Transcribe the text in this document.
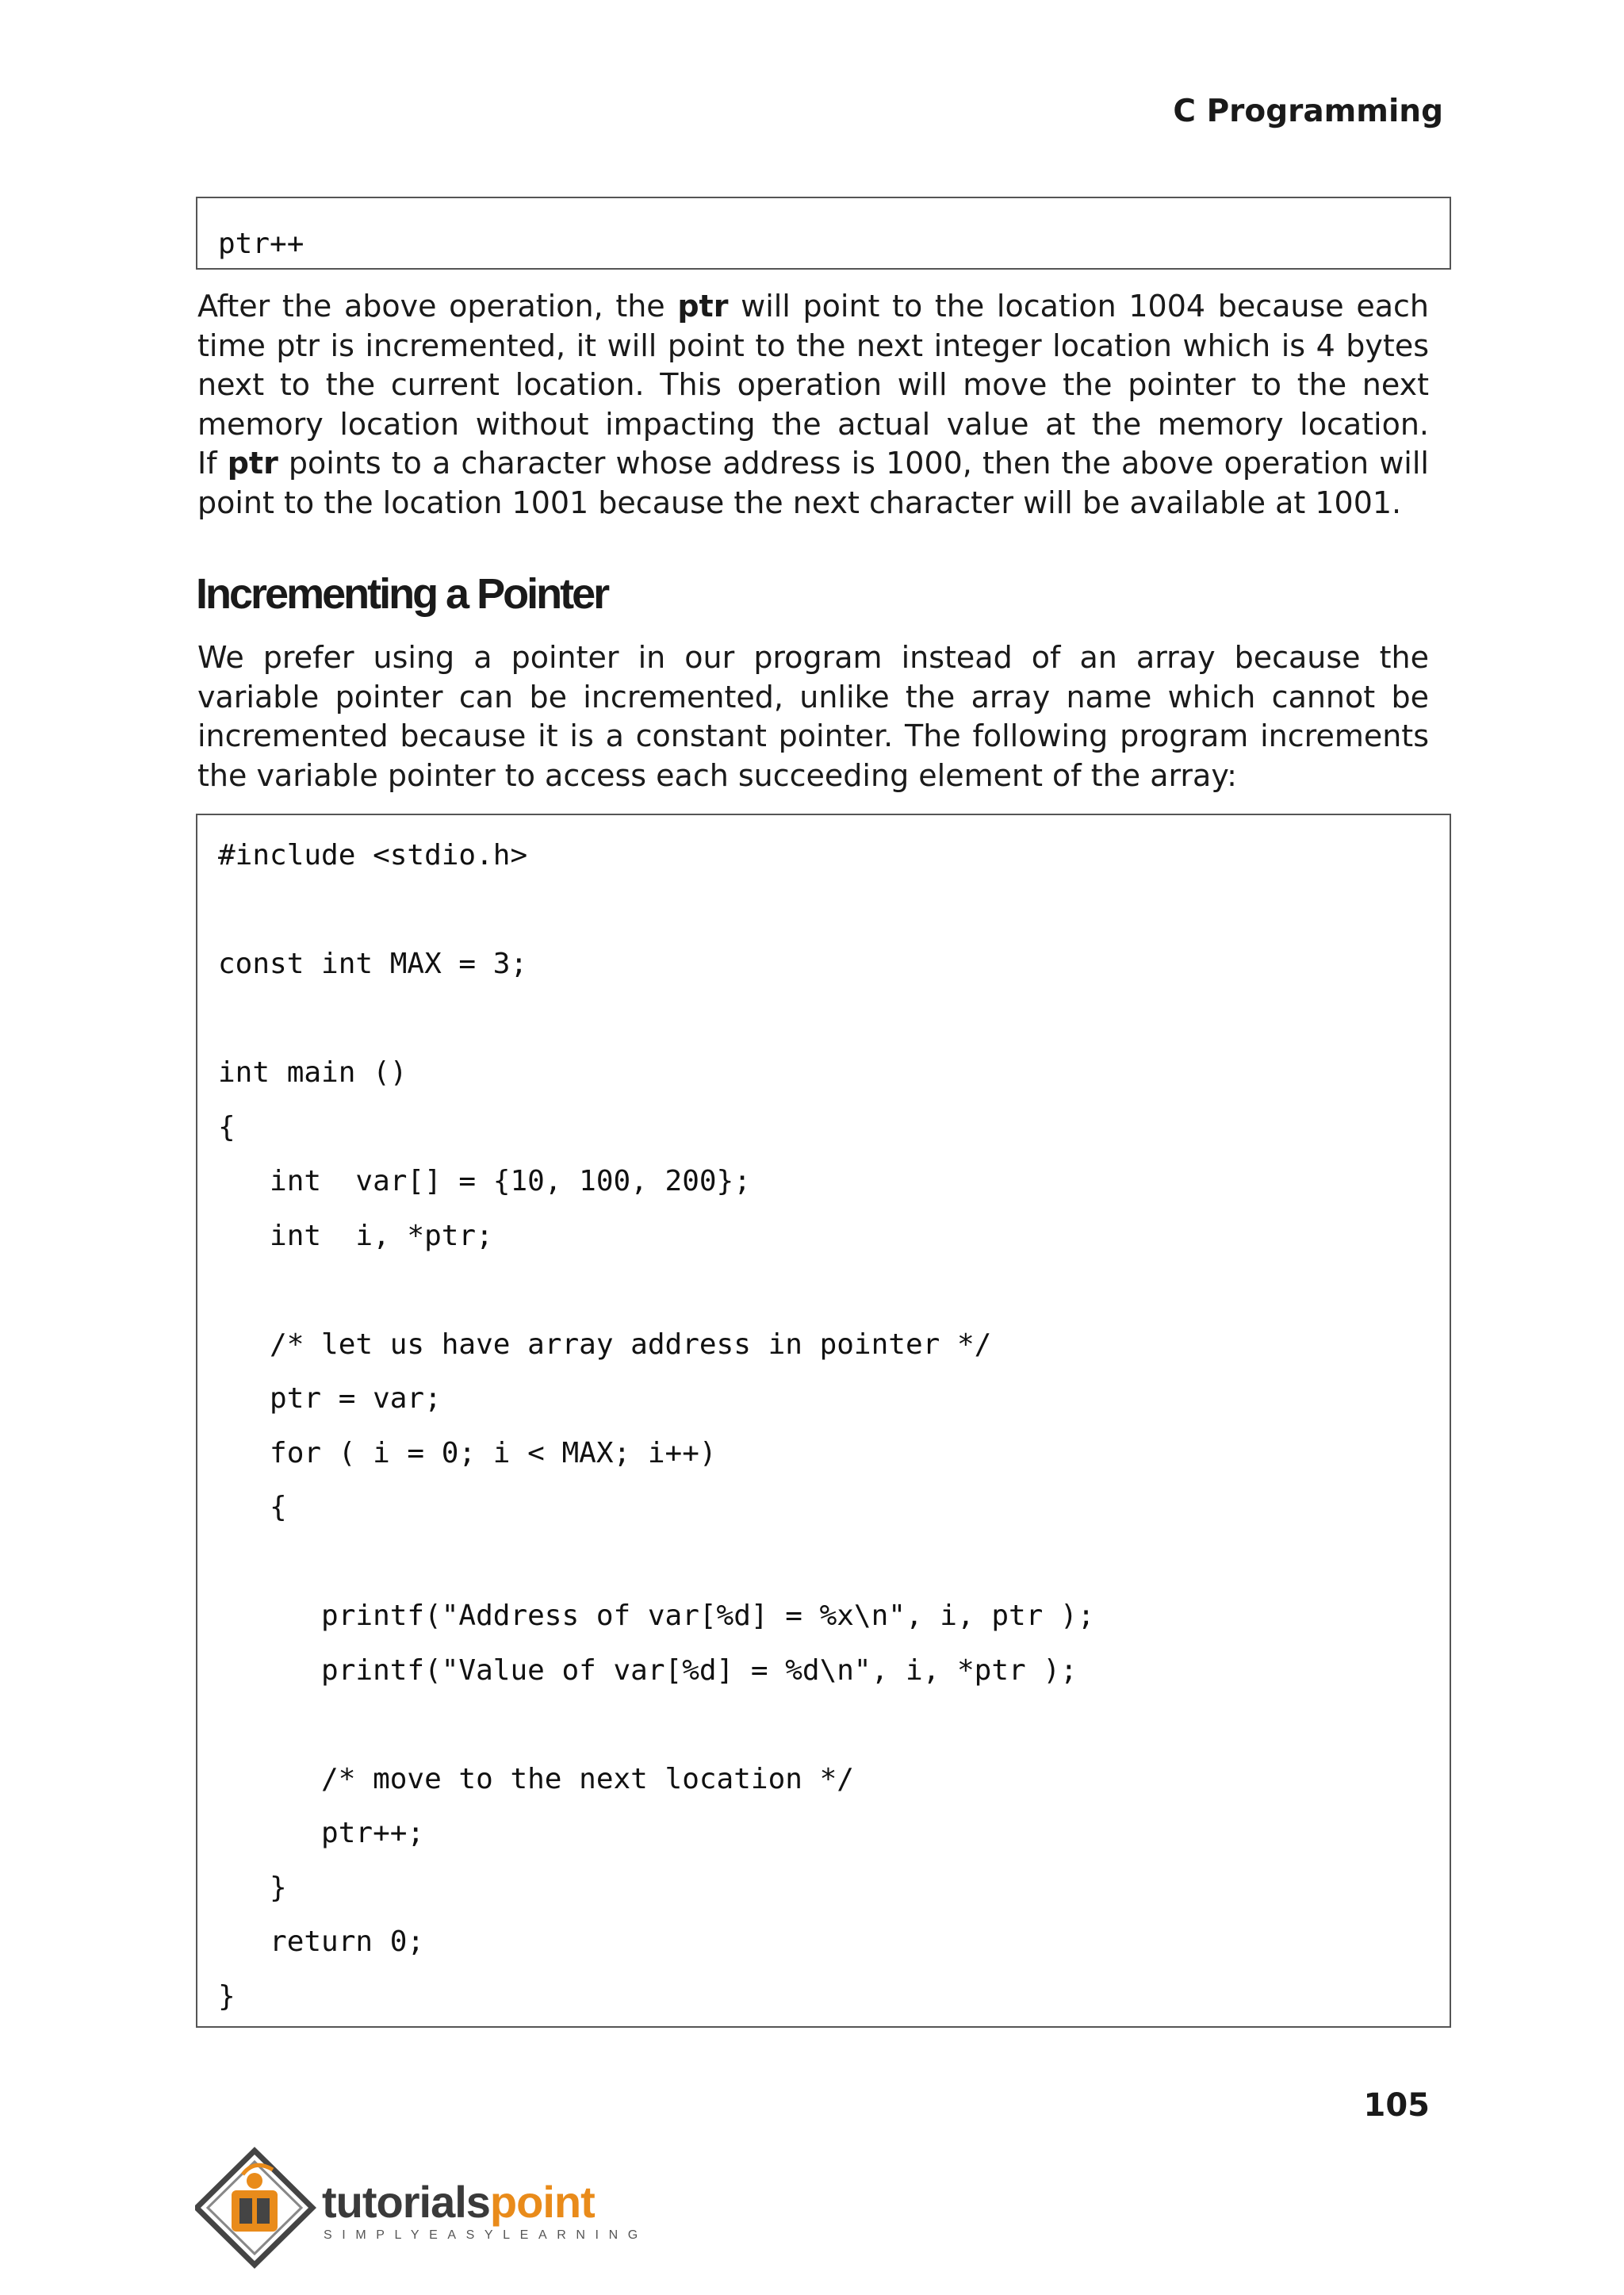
C Programming
ptr++
After the above operation, the ptr will point to the location 1004 because each
time ptr is incremented, it will point to the next integer location which is 4 bytes
next to the current location. This operation will move the pointer to the next
memory location without impacting the actual value at the memory location.
If ptr points to a character whose address is 1000, then the above operation will
point to the location 1001 because the next character will be available at 1001.
Incrementing a Pointer
We prefer using a pointer in our program instead of an array because the
variable pointer can be incremented, unlike the array name which cannot be
incremented because it is a constant pointer. The following program increments
the variable pointer to access each succeeding element of the array:
#include <stdio.h>
const int MAX = 3;
int main ()
{
int  var[] = {10, 100, 200};
int  i, *ptr;
/* let us have array address in pointer */
ptr = var;
for ( i = 0; i < MAX; i++)
{
printf("Address of var[%d] = %x\n", i, ptr );
printf("Value of var[%d] = %d\n", i, *ptr );
/* move to the next location */
ptr++;
}
return 0;
}
105
tutorialspoint
SIMPLYEASYLEARNING
